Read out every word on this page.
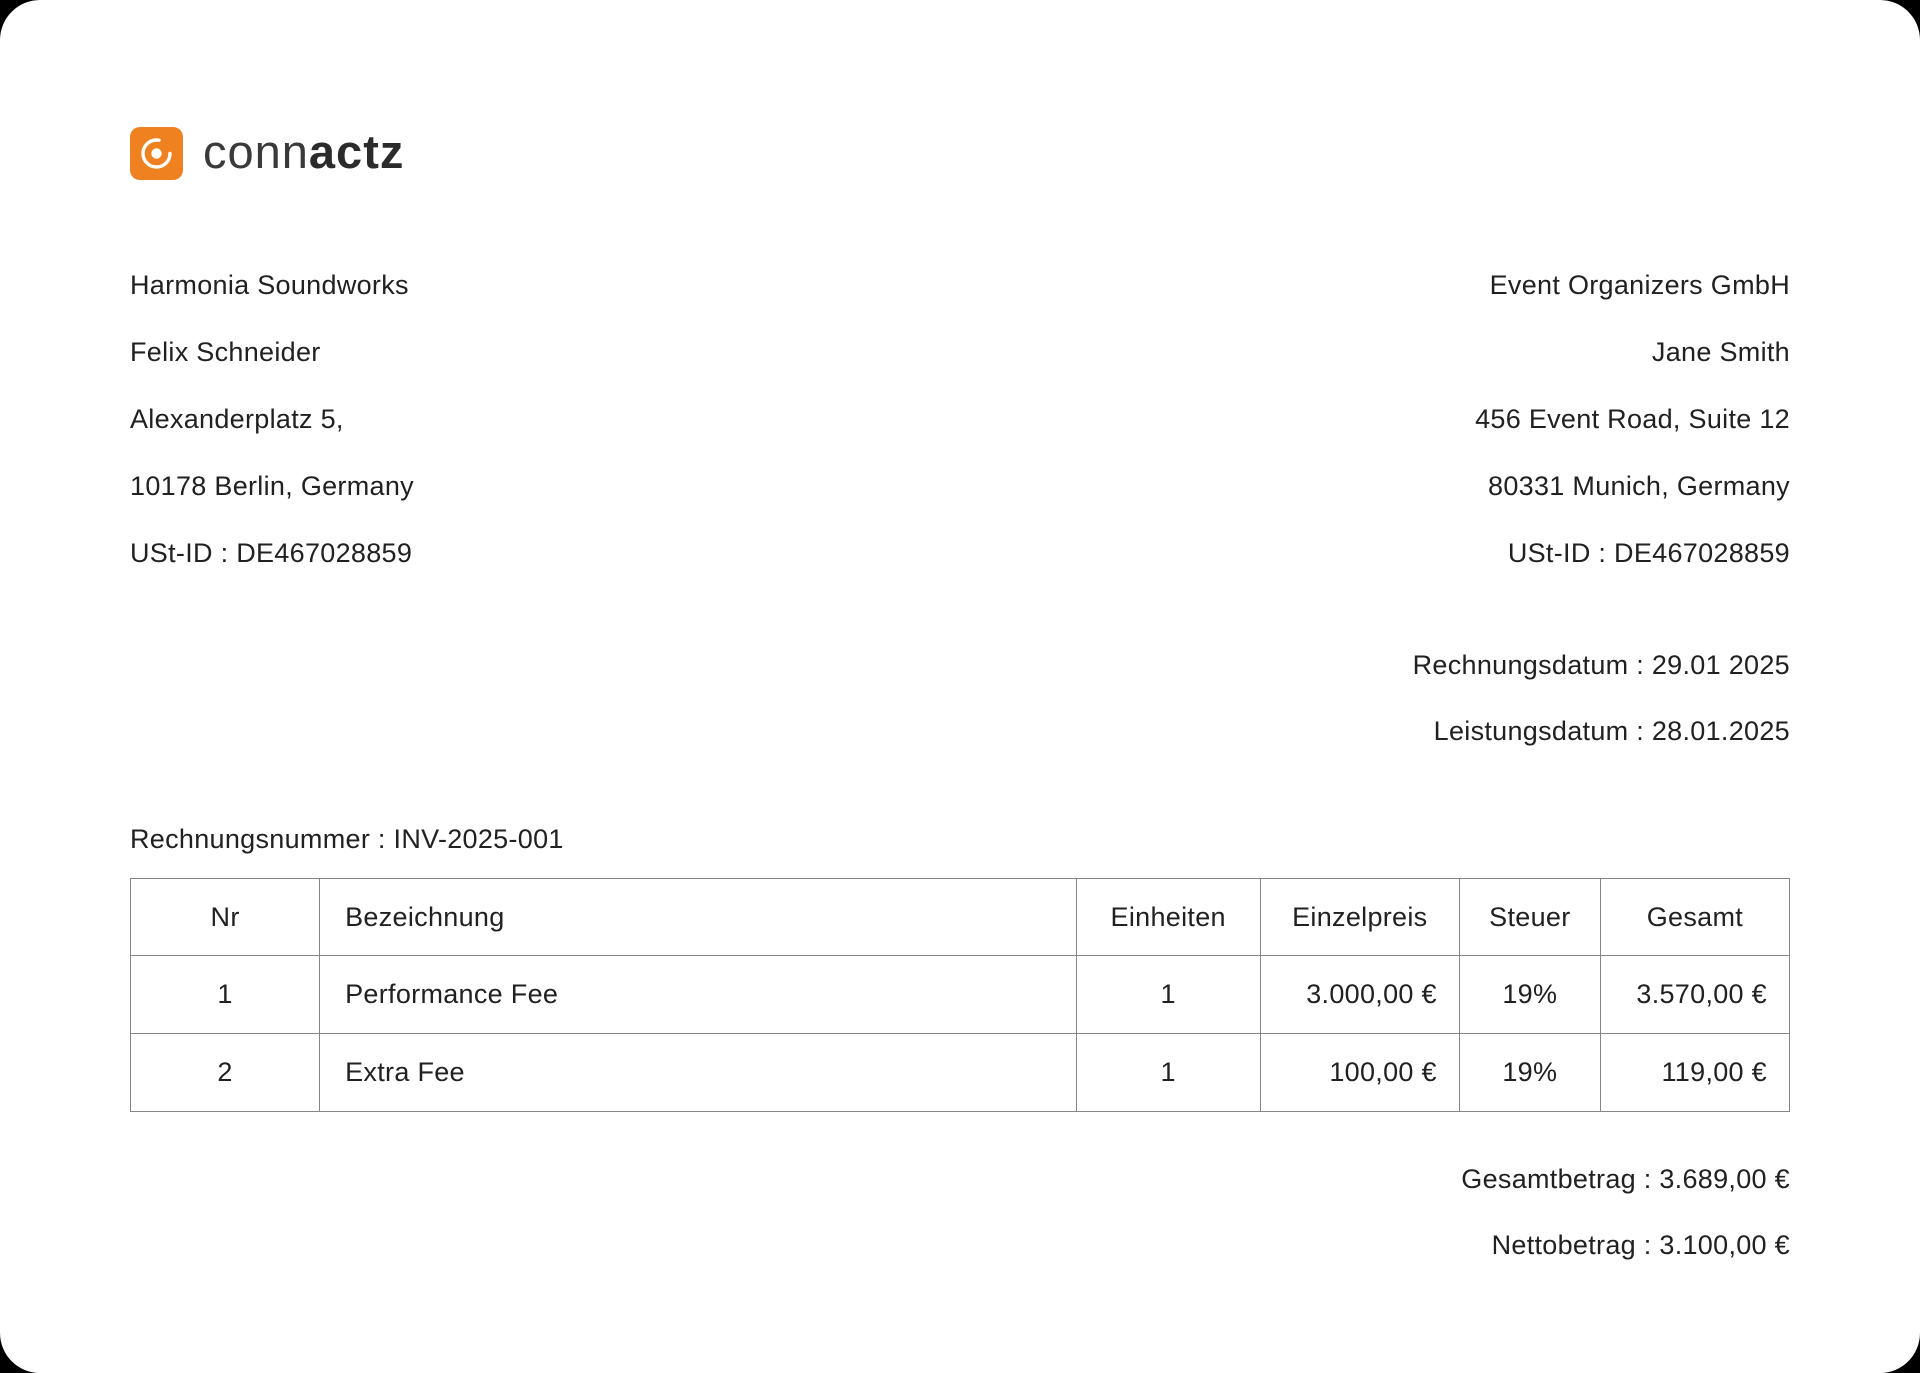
connactz
Harmonia Soundworks
Felix Schneider
Alexanderplatz 5,
10178 Berlin, Germany
USt-ID : DE467028859
Event Organizers GmbH
Jane Smith
456 Event Road, Suite 12
80331 Munich, Germany
USt-ID : DE467028859
Rechnungsdatum : 29.01 2025
Leistungsdatum : 28.01.2025
Rechnungsnummer : INV-2025-001
Nr	Bezeichnung	Einheiten	Einzelpreis	Steuer	Gesamt
1	Performance Fee	1	3.000,00 €	19%	3.570,00 €
2	Extra Fee	1	100,00 €	19%	119,00 €
Gesamtbetrag : 3.689,00 €
Nettobetrag : 3.100,00 €
